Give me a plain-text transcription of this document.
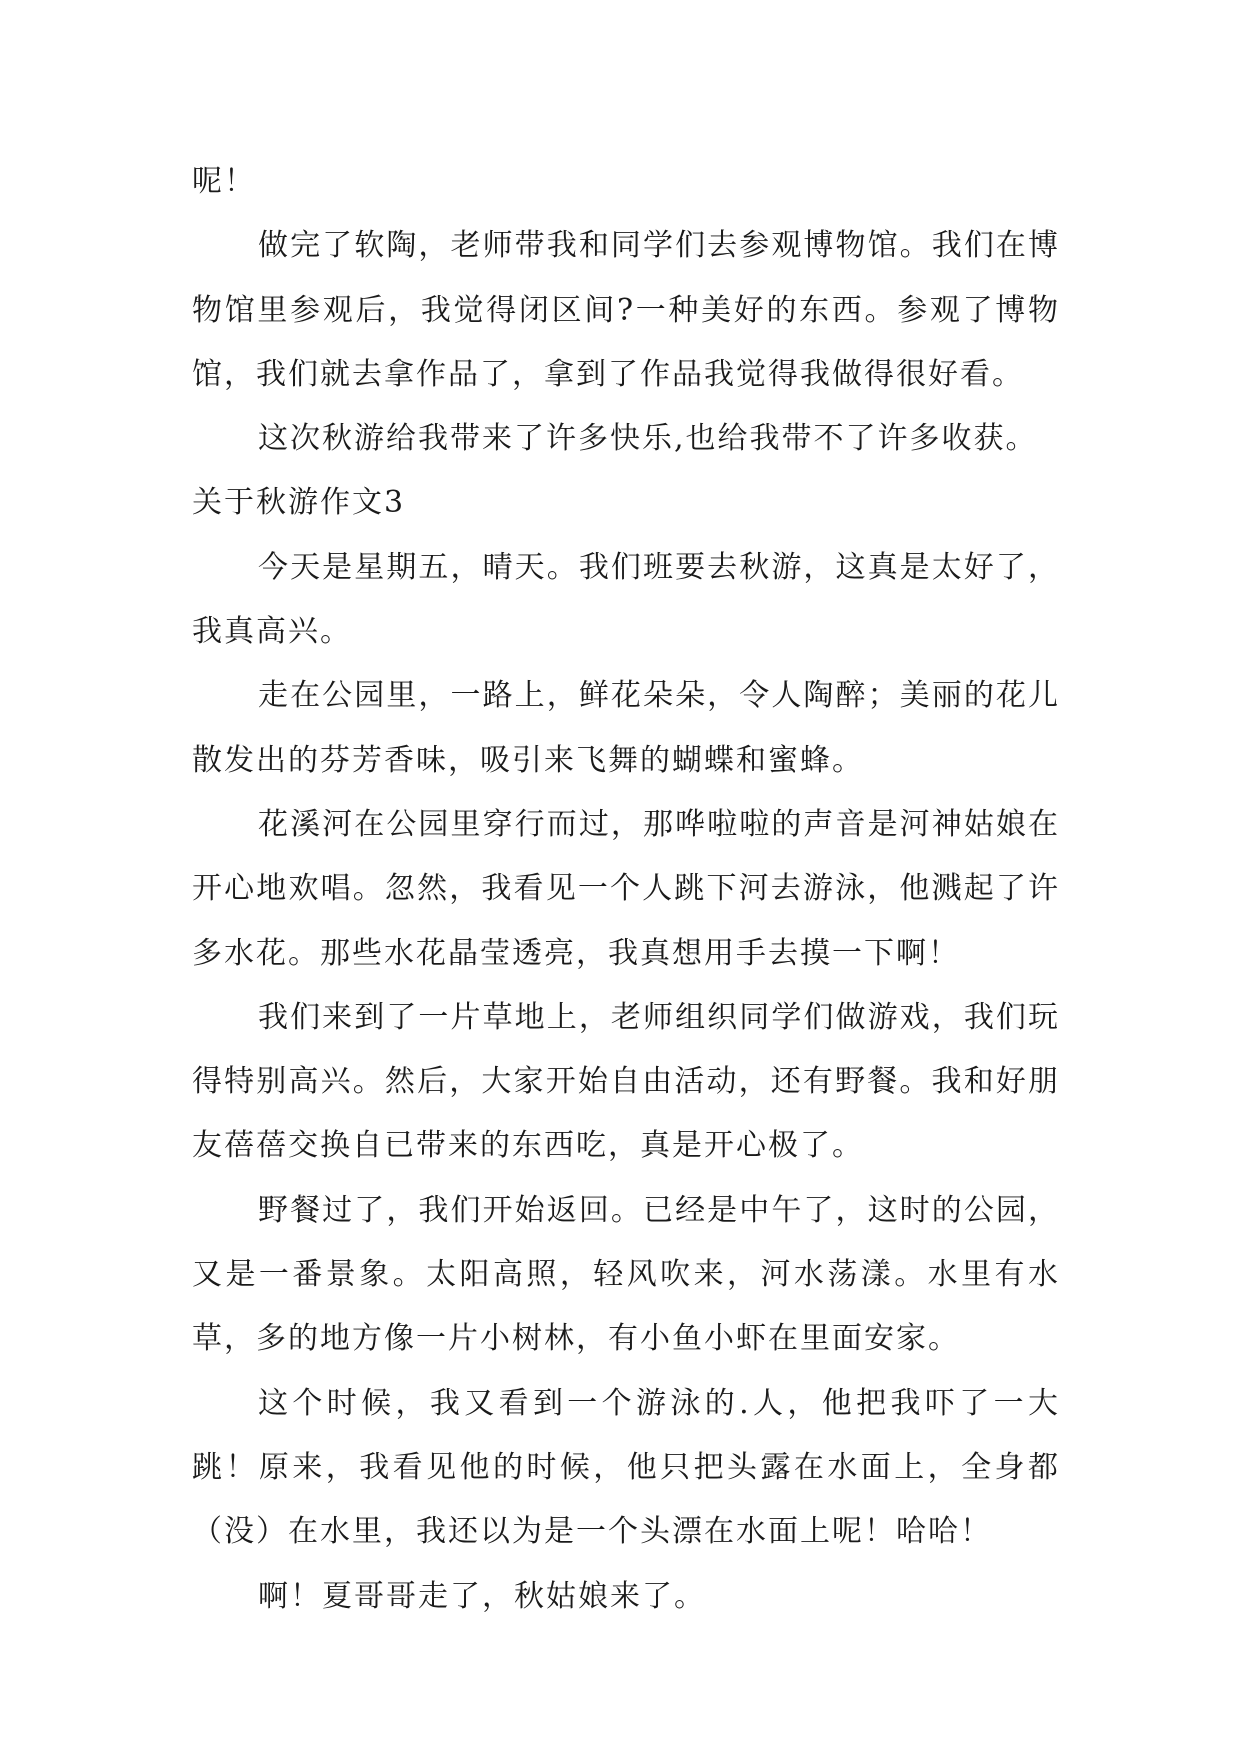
呢！

做完了软陶，老师带我和同学们去参观博物馆。我们在博物馆里参观后，我觉得闭区间?一种美好的东西。参观了博物馆，我们就去拿作品了，拿到了作品我觉得我做得很好看。

这次秋游给我带来了许多快乐,也给我带不了许多收获。

关于秋游作文3

今天是星期五，晴天。我们班要去秋游，这真是太好了，我真高兴。

走在公园里，一路上，鲜花朵朵，令人陶醉；美丽的花儿散发出的芬芳香味，吸引来飞舞的蝴蝶和蜜蜂。

花溪河在公园里穿行而过，那哗啦啦的声音是河神姑娘在开心地欢唱。忽然，我看见一个人跳下河去游泳，他溅起了许多水花。那些水花晶莹透亮，我真想用手去摸一下啊！

我们来到了一片草地上，老师组织同学们做游戏，我们玩得特别高兴。然后，大家开始自由活动，还有野餐。我和好朋友蓓蓓交换自已带来的东西吃，真是开心极了。

野餐过了，我们开始返回。已经是中午了，这时的公园，又是一番景象。太阳高照，轻风吹来，河水荡漾。水里有水草，多的地方像一片小树林，有小鱼小虾在里面安家。

这个时候，我又看到一个游泳的.人，他把我吓了一大跳！原来，我看见他的时候，他只把头露在水面上，全身都（没）在水里，我还以为是一个头漂在水面上呢！哈哈！

啊！夏哥哥走了，秋姑娘来了。
